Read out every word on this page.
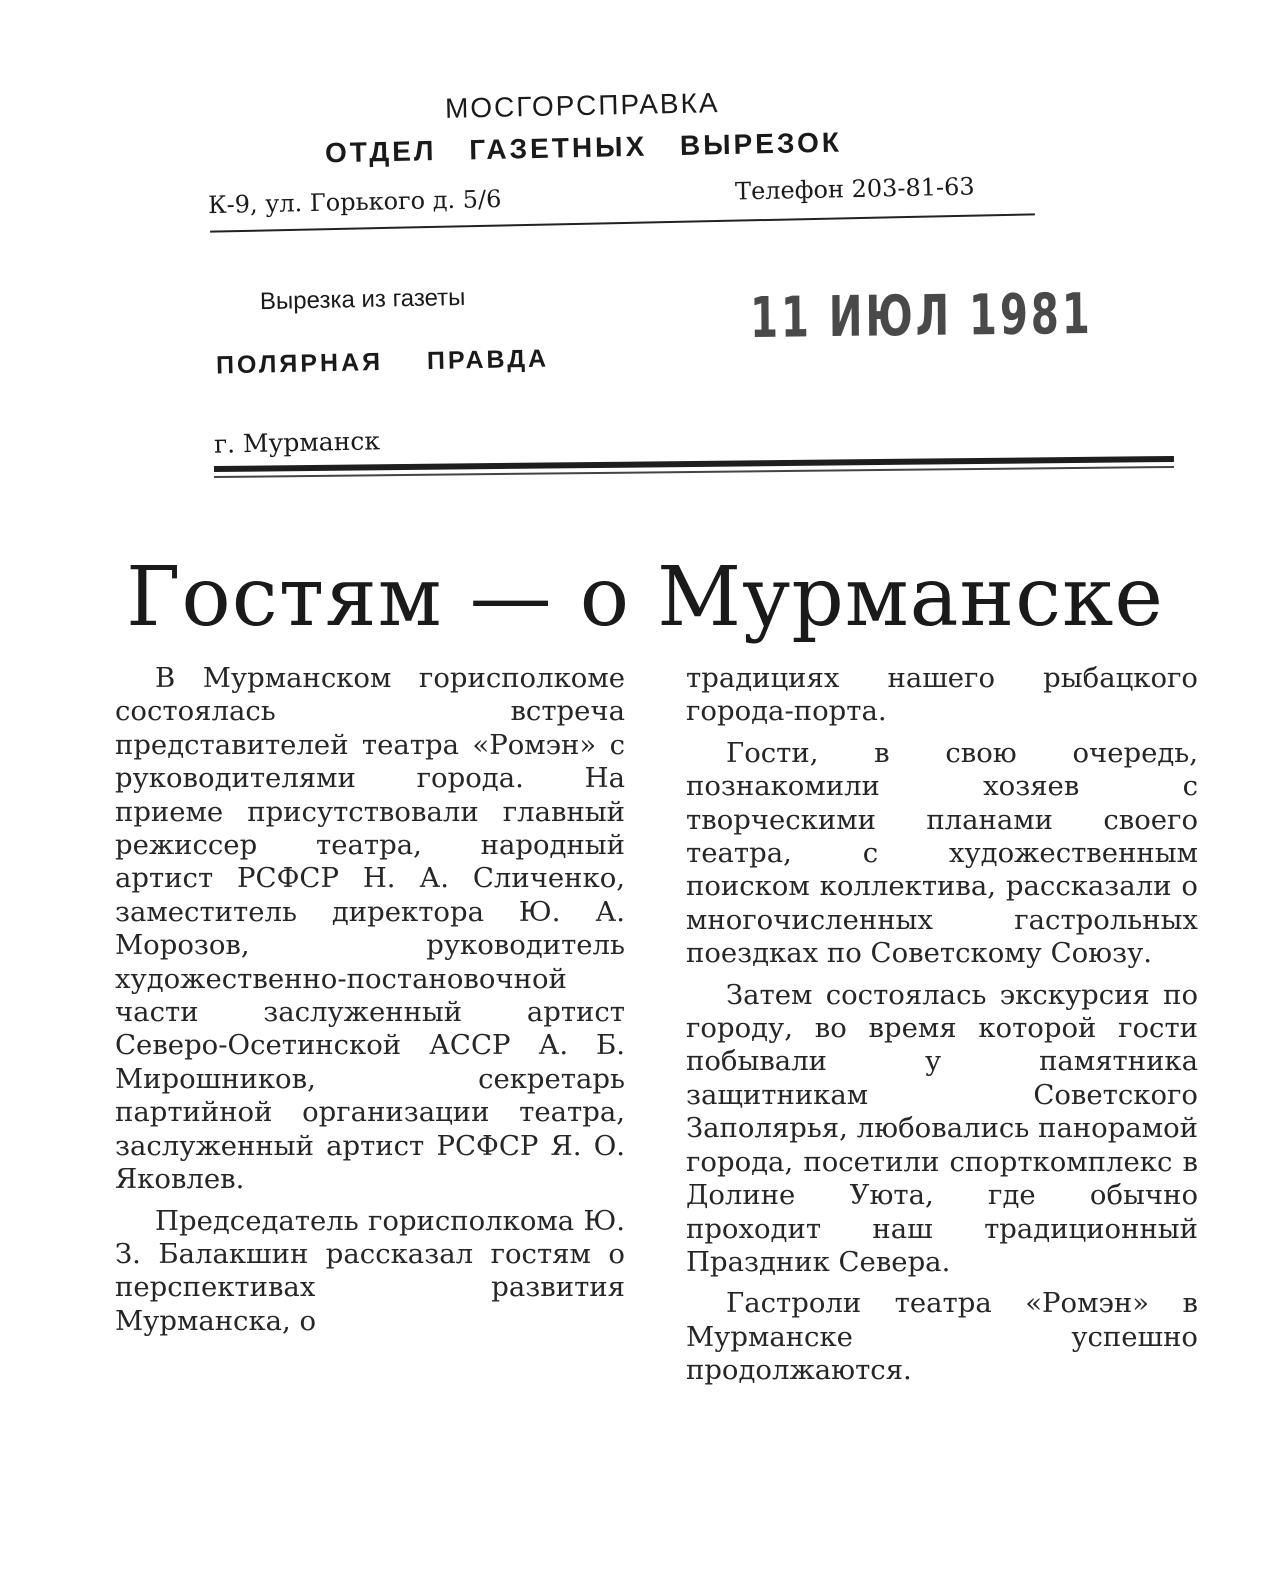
МОСГОРСПРАВКА
ОТДЕЛ ГАЗЕТНЫХ ВЫРЕЗОК
К-9, ул. Горького д. 5/6	Телефон 203-81-63
Вырезка из газеты
ПОЛЯРНАЯ ПРАВДА
г. Мурманск
11 ИЮЛ 1981
Гостям — о Мурманске

В Мурманском горисполкоме состоялась встреча представителей театра «Ромэн» с руководителями города. На приеме присутствовали главный режиссер театра, народный артист РСФСР Н. А. Сличенко, заместитель директора Ю. А. Морозов, руководитель художественно-постановочной части заслуженный артист Северо-Осетинской АССР А. Б. Мирошников, секретарь партийной организации театра, заслуженный артист РСФСР Я. О. Яковлев.

Председатель горисполкома Ю. З. Балакшин рассказал гостям о перспективах развития Мурманска, о

традициях нашего рыбацкого города-порта.

Гости, в свою очередь, познакомили хозяев с творческими планами своего театра, с художественным поиском коллектива, рассказали о многочисленных гастрольных поездках по Советскому Союзу.

Затем состоялась экскурсия по городу, во время которой гости побывали у памятника защитникам Советского Заполярья, любовались панорамой города, посетили спорткомплекс в Долине Уюта, где обычно проходит наш традиционный Праздник Севера.

Гастроли театра «Ромэн» в Мурманске успешно продолжаются.
